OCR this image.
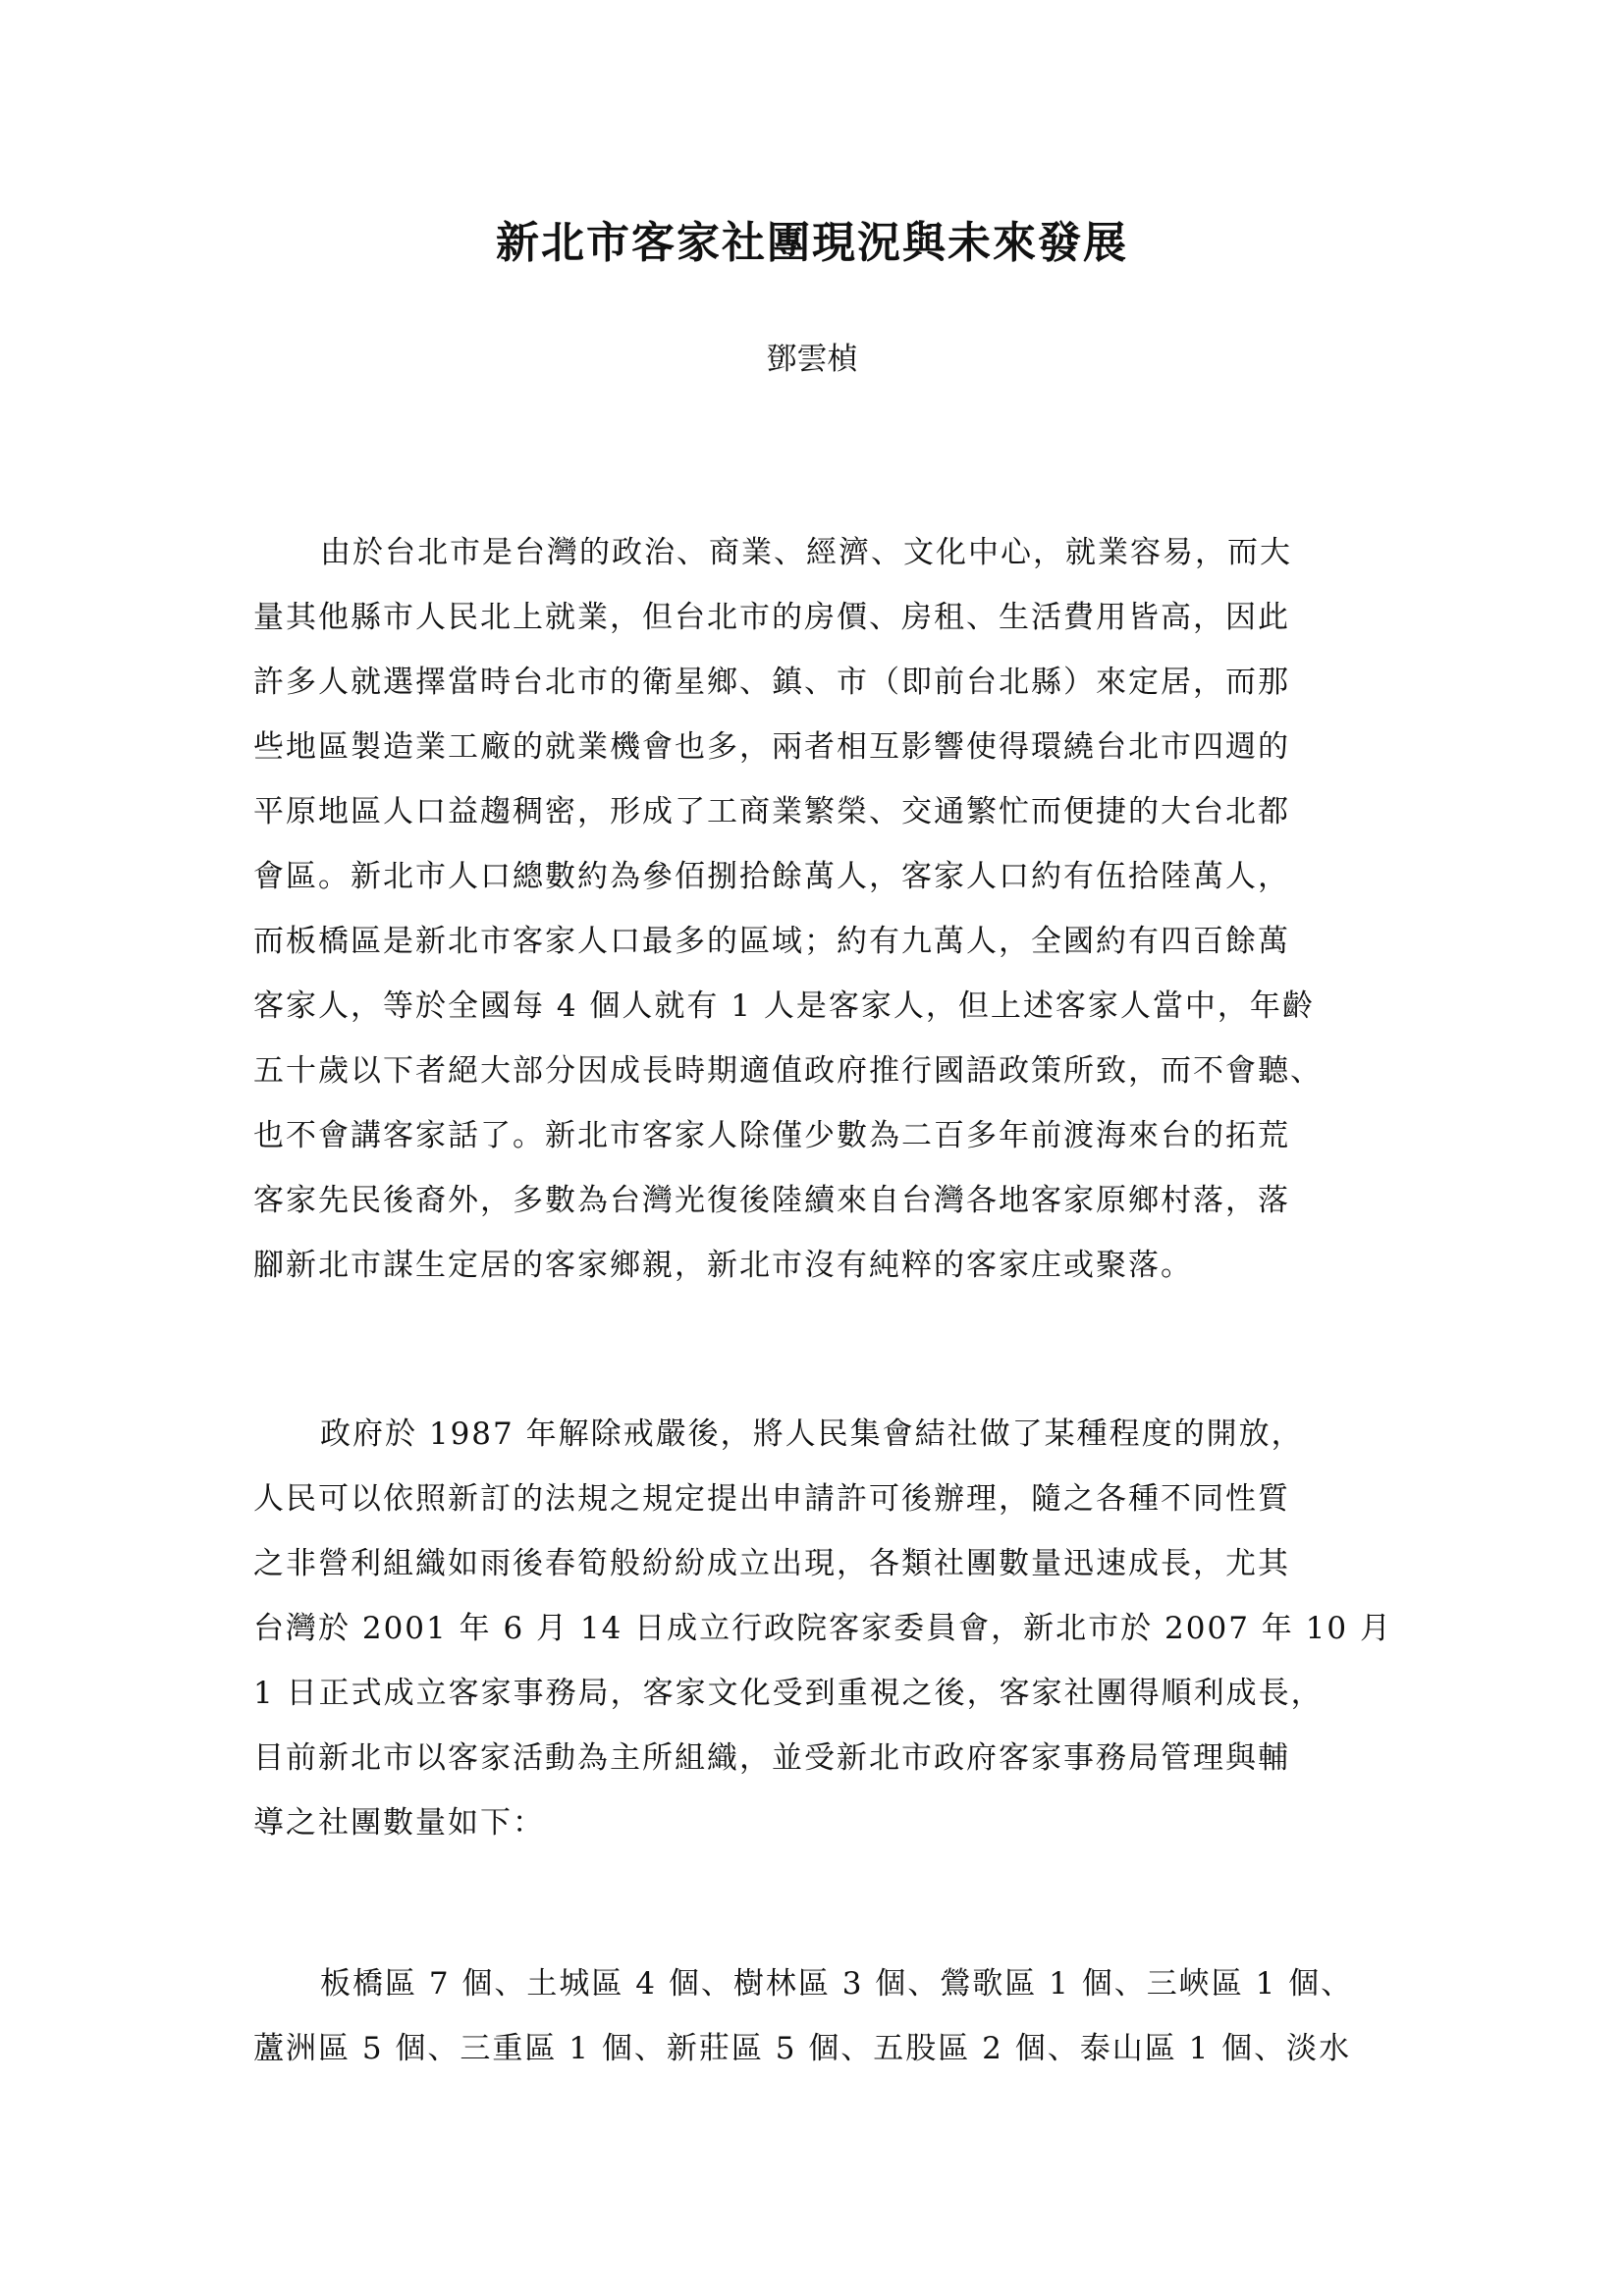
新北市客家社團現況與未來發展
鄧雲楨
由於台北市是台灣的政治、商業、經濟、文化中心，就業容易，而大
量其他縣市人民北上就業，但台北市的房價、房租、生活費用皆高，因此
許多人就選擇當時台北市的衛星鄉、鎮、市（即前台北縣）來定居，而那
些地區製造業工廠的就業機會也多，兩者相互影響使得環繞台北市四週的
平原地區人口益趨稠密，形成了工商業繁榮、交通繁忙而便捷的大台北都
會區。新北市人口總數約為參佰捌拾餘萬人，客家人口約有伍拾陸萬人，
而板橋區是新北市客家人口最多的區域；約有九萬人，全國約有四百餘萬
客家人，等於全國每 4 個人就有 1 人是客家人，但上述客家人當中，年齡
五十歲以下者絕大部分因成長時期適值政府推行國語政策所致，而不會聽、
也不會講客家話了。新北市客家人除僅少數為二百多年前渡海來台的拓荒
客家先民後裔外，多數為台灣光復後陸續來自台灣各地客家原鄉村落，落
腳新北市謀生定居的客家鄉親，新北市沒有純粹的客家庄或聚落。
政府於 1987 年解除戒嚴後，將人民集會結社做了某種程度的開放，
人民可以依照新訂的法規之規定提出申請許可後辦理，隨之各種不同性質
之非營利組織如雨後春筍般紛紛成立出現，各類社團數量迅速成長，尤其
台灣於 2001 年 6 月 14 日成立行政院客家委員會，新北市於 2007 年 10 月
1 日正式成立客家事務局，客家文化受到重視之後，客家社團得順利成長，
目前新北市以客家活動為主所組織，並受新北市政府客家事務局管理與輔
導之社團數量如下：
板橋區 7 個、土城區 4 個、樹林區 3 個、鶯歌區 1 個、三峽區 1 個、
蘆洲區 5 個、三重區 1 個、新莊區 5 個、五股區 2 個、泰山區 1 個、淡水
